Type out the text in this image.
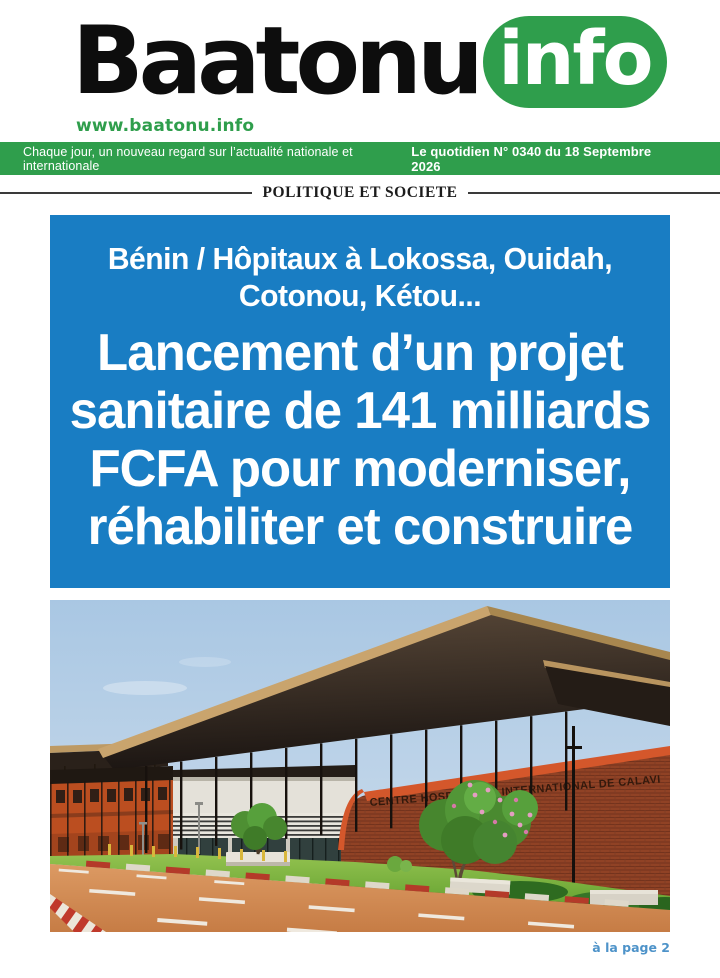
Baatonu info
www.baatonu.info
Chaque jour, un nouveau regard sur l’actualité nationale et internationale
Le quotidien N° 0340 du 18 Septembre 2026
POLITIQUE ET SOCIETE
Bénin / Hôpitaux à Lokossa, Ouidah,
Cotonou, Kétou...
Lancement d’un projet
sanitaire de 141 milliards
FCFA pour moderniser,
réhabiliter et construire
à la page 2
